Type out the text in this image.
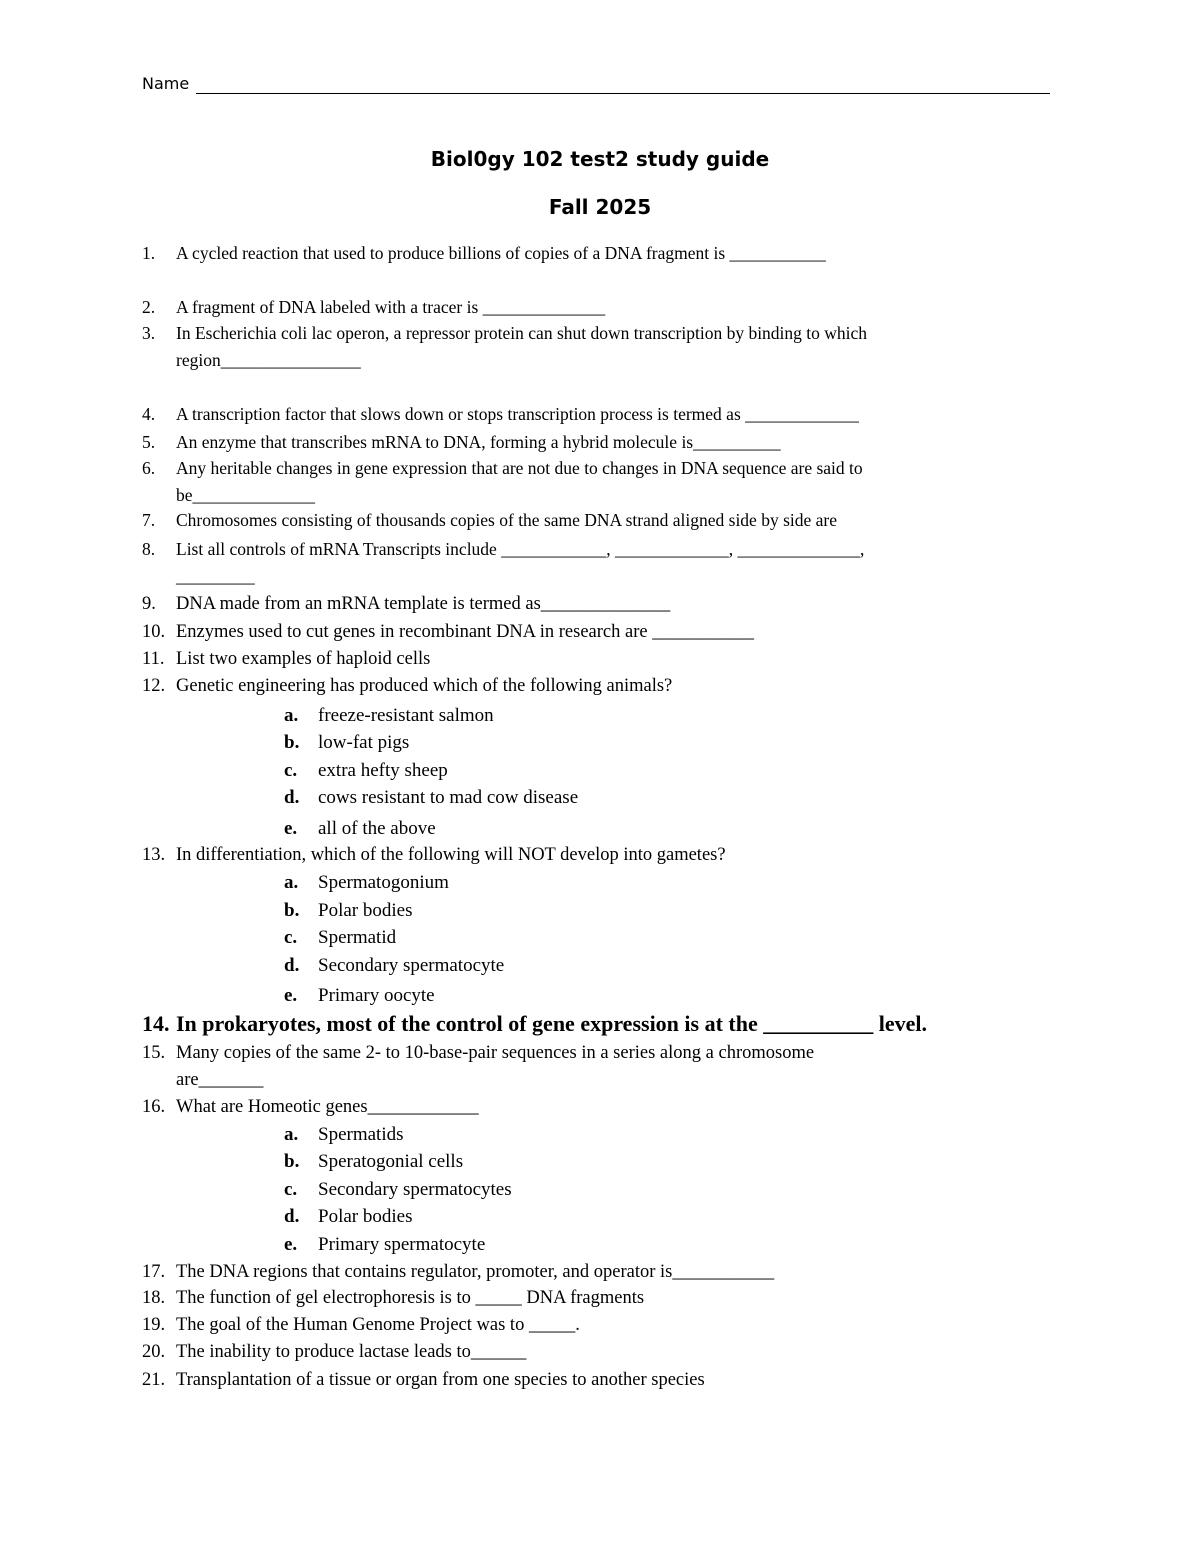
Name
Biol0gy 102 test2 study guide
Fall 2025
1. A cycled reaction that used to produce billions of copies of a DNA fragment is ___________
2. A fragment of DNA labeled with a tracer is ______________
3. In Escherichia coli lac operon, a repressor protein can shut down transcription by binding to which
region________________
4. A transcription factor that slows down or stops transcription process is termed as _____________
5. An enzyme that transcribes mRNA to DNA, forming a hybrid molecule is__________
6. Any heritable changes in gene expression that are not due to changes in DNA sequence are said to
be______________
7. Chromosomes consisting of thousands copies of the same DNA strand aligned side by side are
8. List all controls of mRNA Transcripts include ____________, _____________, ______________,
_________
9. DNA made from an mRNA template is termed as______________
10. Enzymes used to cut genes in recombinant DNA in research are ___________
11. List two examples of haploid cells
12. Genetic engineering has produced which of the following animals?
a. freeze-resistant salmon
b. low-fat pigs
c. extra hefty sheep
d. cows resistant to mad cow disease
e. all of the above
13. In differentiation, which of the following will NOT develop into gametes?
a. Spermatogonium
b. Polar bodies
c. Spermatid
d. Secondary spermatocyte
e. Primary oocyte
14. In prokaryotes, most of the control of gene expression is at the __________ level.
15. Many copies of the same 2- to 10-base-pair sequences in a series along a chromosome
are_______
16. What are Homeotic genes____________
a. Spermatids
b. Speratogonial cells
c. Secondary spermatocytes
d. Polar bodies
e. Primary spermatocyte
17. The DNA regions that contains regulator, promoter, and operator is___________
18. The function of gel electrophoresis is to _____ DNA fragments
19. The goal of the Human Genome Project was to _____.
20. The inability to produce lactase leads to______
21. Transplantation of a tissue or organ from one species to another species
